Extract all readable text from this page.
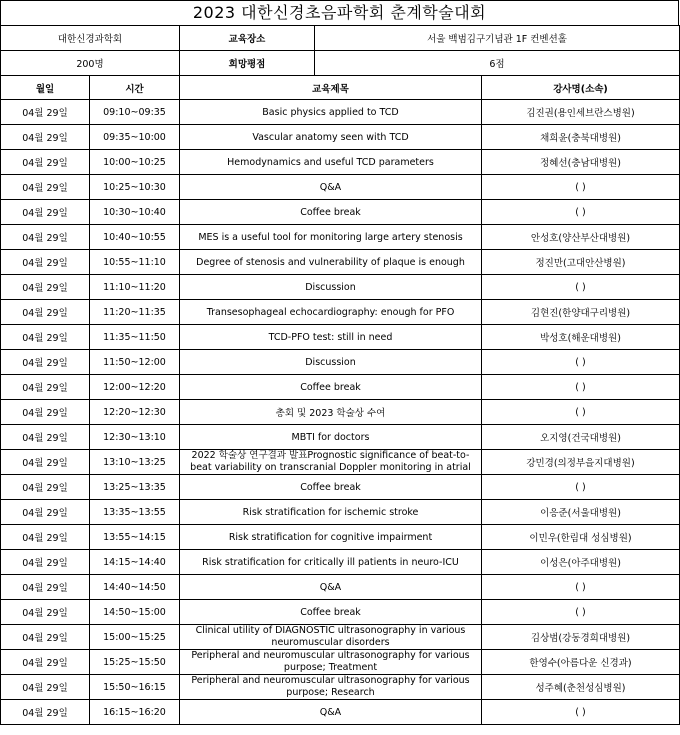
2023 대한신경초음파학회 춘계학술대회
대한신경과학회		교육장소	서울 백범김구기념관 1F 컨벤션홀	
200명		희망평점	6점	
월일	시간	교육제목		강사명(소속)
04월 29일	09:10~09:35	Basic physics applied to TCD		김진권(용인세브란스병원)
04월 29일	09:35~10:00	Vascular anatomy seen with TCD		채희윤(충북대병원)
04월 29일	10:00~10:25	Hemodynamics and useful TCD parameters		정혜선(충남대병원)
04월 29일	10:25~10:30	Q&A		( )
04월 29일	10:30~10:40	Coffee break		( )
04월 29일	10:40~10:55	MES is a useful tool for monitoring large artery stenosis		안성호(양산부산대병원)
04월 29일	10:55~11:10	Degree of stenosis and vulnerability of plaque is enough		정진만(고대안산병원)
04월 29일	11:10~11:20	Discussion		( )
04월 29일	11:20~11:35	Transesophageal echocardiography: enough for PFO		김현진(한양대구리병원)
04월 29일	11:35~11:50	TCD-PFO test: still in need		박성호(해운대병원)
04월 29일	11:50~12:00	Discussion		( )
04월 29일	12:00~12:20	Coffee break		( )
04월 29일	12:20~12:30	총회 및 2023 학술상 수여		( )
04월 29일	12:30~13:10	MBTI for doctors		오지영(건국대병원)
04월 29일	13:10~13:25	2022 학술상 연구결과 발표Prognostic significance of beat-to-beat variability on transcranial Doppler monitoring in atrial		강민경(의정부을지대병원)
04월 29일	13:25~13:35	Coffee break		( )
04월 29일	13:35~13:55	Risk stratification for ischemic stroke		이응준(서울대병원)
04월 29일	13:55~14:15	Risk stratification for cognitive impairment		이민우(한림대 성심병원)
04월 29일	14:15~14:40	Risk stratification for critically ill patients in neuro-ICU		이성은(아주대병원)
04월 29일	14:40~14:50	Q&A		( )
04월 29일	14:50~15:00	Coffee break		( )
04월 29일	15:00~15:25	Clinical utility of DIAGNOSTIC ultrasonography in various neuromuscular disorders		김상범(강동경희대병원)
04월 29일	15:25~15:50	Peripheral and neuromuscular ultrasonography for various purpose; Treatment		한영수(아름다운 신경과)
04월 29일	15:50~16:15	Peripheral and neuromuscular ultrasonography for various purpose; Research		성주혜(춘천성심병원)
04월 29일	16:15~16:20	Q&A		( )
